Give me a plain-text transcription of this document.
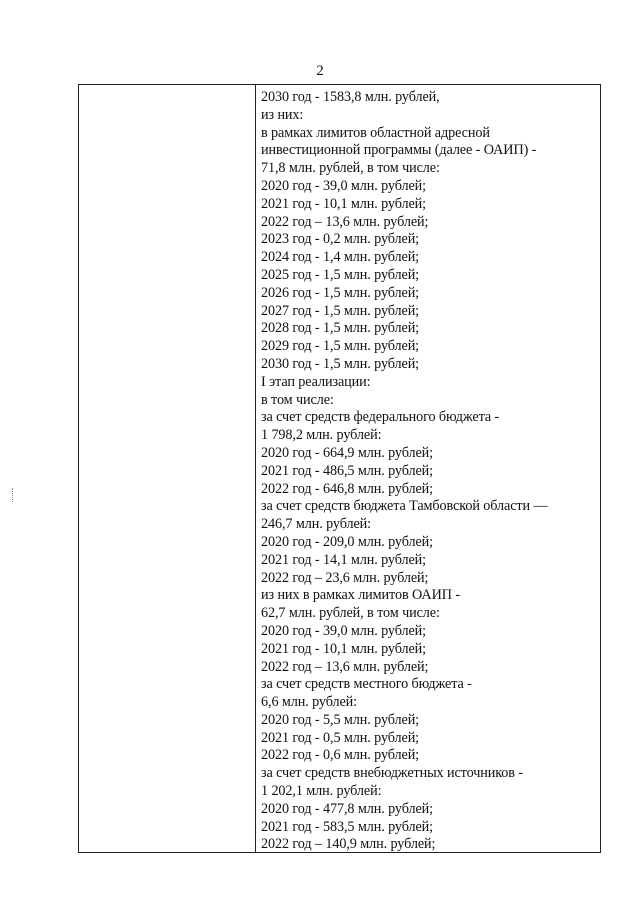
2
2030 год - 1583,8 млн. рублей,
из них:
в рамках лимитов областной адресной
инвестиционной программы (далее - ОАИП) -
71,8 млн. рублей, в том числе:
2020 год - 39,0 млн. рублей;
2021 год - 10,1 млн. рублей;
2022 год – 13,6 млн. рублей;
2023 год - 0,2 млн. рублей;
2024 год - 1,4 млн. рублей;
2025 год - 1,5 млн. рублей;
2026 год - 1,5 млн. рублей;
2027 год - 1,5 млн. рублей;
2028 год - 1,5 млн. рублей;
2029 год - 1,5 млн. рублей;
2030 год - 1,5 млн. рублей;
I этап реализации:
в том числе:
за счет средств федерального бюджета -
1 798,2 млн. рублей:
2020 год - 664,9 млн. рублей;
2021 год - 486,5 млн. рублей;
2022 год - 646,8 млн. рублей;
за счет средств бюджета Тамбовской области —
246,7 млн. рублей:
2020 год - 209,0 млн. рублей;
2021 год - 14,1 млн. рублей;
2022 год – 23,6 млн. рублей;
из них в рамках лимитов ОАИП -
62,7 млн. рублей, в том числе:
2020 год - 39,0 млн. рублей;
2021 год - 10,1 млн. рублей;
2022 год – 13,6 млн. рублей;
за счет средств местного бюджета -
6,6 млн. рублей:
2020 год - 5,5 млн. рублей;
2021 год - 0,5 млн. рублей;
2022 год - 0,6 млн. рублей;
за счет средств внебюджетных источников -
1 202,1 млн. рублей:
2020 год - 477,8 млн. рублей;
2021 год - 583,5 млн. рублей;
2022 год – 140,9 млн. рублей;
